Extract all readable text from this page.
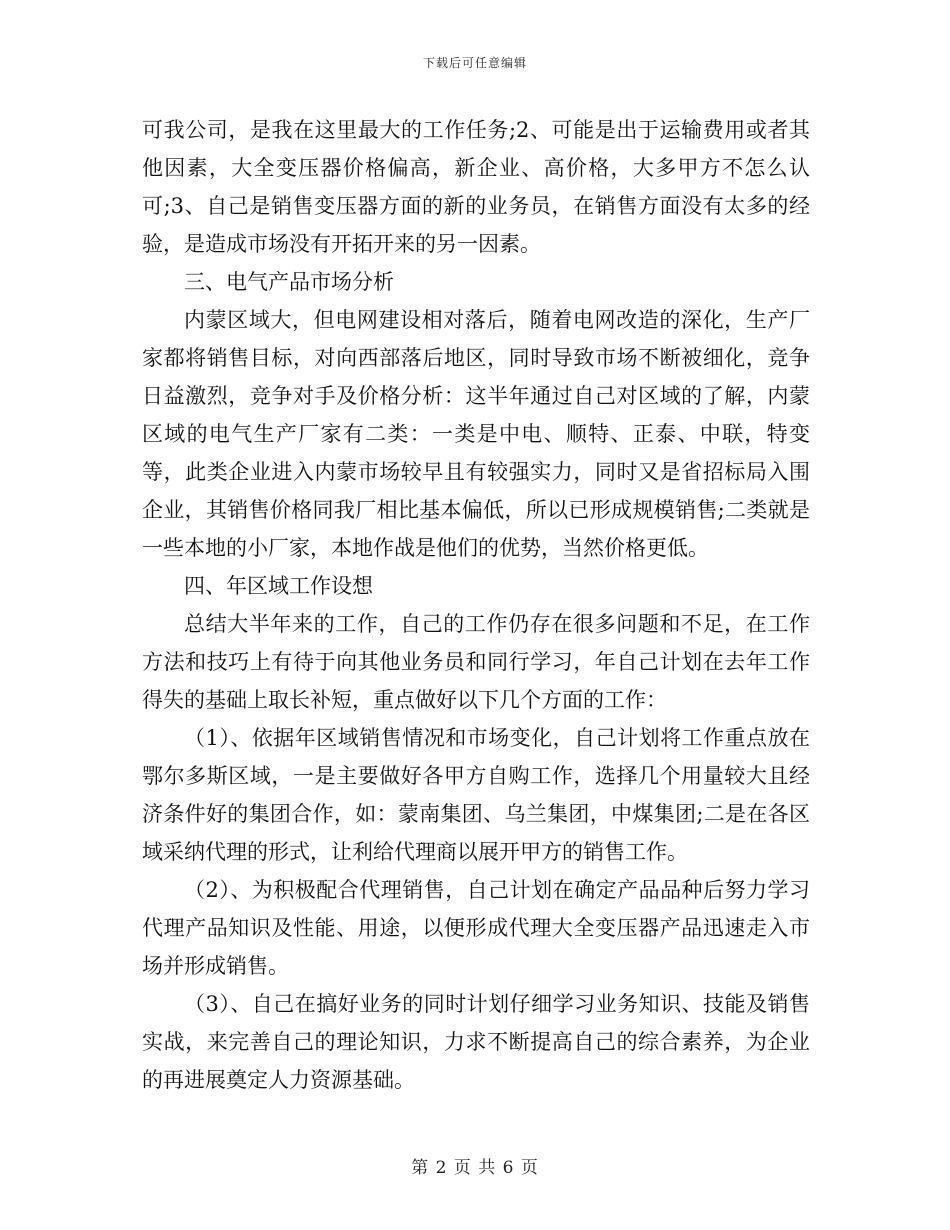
下载后可任意编辑

可我公司，是我在这里最大的工作任务;2、可能是出于运输费用或者其他因素，大全变压器价格偏高，新企业、高价格，大多甲方不怎么认可;3、自己是销售变压器方面的新的业务员，在销售方面没有太多的经验，是造成市场没有开拓开来的另一因素。

三、电气产品市场分析

内蒙区域大，但电网建设相对落后，随着电网改造的深化，生产厂家都将销售目标，对向西部落后地区，同时导致市场不断被细化，竞争日益激烈，竞争对手及价格分析：这半年通过自己对区域的了解，内蒙区域的电气生产厂家有二类：一类是中电、顺特、正泰、中联，特变等，此类企业进入内蒙市场较早且有较强实力，同时又是省招标局入围企业，其销售价格同我厂相比基本偏低，所以已形成规模销售;二类就是一些本地的小厂家，本地作战是他们的优势，当然价格更低。

四、年区域工作设想

总结大半年来的工作，自己的工作仍存在很多问题和不足，在工作方法和技巧上有待于向其他业务员和同行学习，年自己计划在去年工作得失的基础上取长补短，重点做好以下几个方面的工作：

（1）、依据年区域销售情况和市场变化，自己计划将工作重点放在鄂尔多斯区域，一是主要做好各甲方自购工作，选择几个用量较大且经济条件好的集团合作，如：蒙南集团、乌兰集团，中煤集团;二是在各区域采纳代理的形式，让利给代理商以展开甲方的销售工作。

（2）、为积极配合代理销售，自己计划在确定产品品种后努力学习代理产品知识及性能、用途，以便形成代理大全变压器产品迅速走入市场并形成销售。

（3）、自己在搞好业务的同时计划仔细学习业务知识、技能及销售实战，来完善自己的理论知识，力求不断提高自己的综合素养，为企业的再进展奠定人力资源基础。

第 2 页 共 6 页
